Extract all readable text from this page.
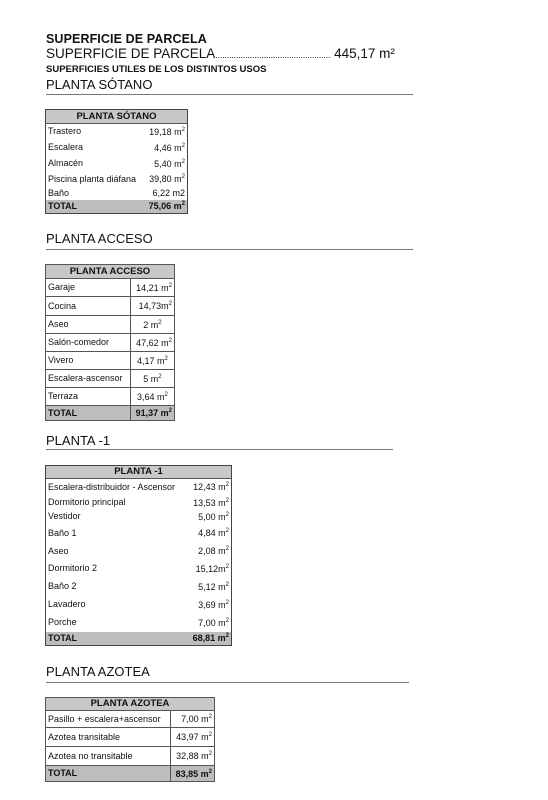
SUPERFICIE DE PARCELA
SUPERFICIE DE PARCELA.................................................. 445,17 m²
SUPERFICIES UTILES DE LOS DISTINTOS USOS
PLANTA SÓTANO
PLANTA SÓTANO	
Trastero	19,18 $m^2$
Escalera	4,46 $m^2$
Almacén	5,40 $m^2$
Piscina planta diáfana	39,80 $m^2$
Baño	6,22 m2
TOTAL	75,06 $m^2$
PLANTA ACCESO
PLANTA ACCESO	
Garaje	14,21 $m^2$
Cocina	$14,73m^2$
Aseo	2 $m^2$
Salón-comedor	47,62 $m^2$
Vivero	4,17 $m^2$
Escalera-ascensor	5 $m^2$
Terraza	3,64 $m^2$
TOTAL	91,37 $m^2$
PLANTA -1
PLANTA -1	
Escalera-distribuidor - Ascensor	12,43 $m^2$
Dormitorio principal	13,53 $m^2$
Vestidor	5,00 $m^2$
Baño 1	4,84 $m^2$
Aseo	2,08 $m^2$
Dormitorio 2	$15,12m^2$
Baño 2	5,12 $m^2$
Lavadero	3,69 $m^2$
Porche	7,00 $m^2$
TOTAL	68,81 $m^2$
PLANTA AZOTEA
PLANTA AZOTEA	
Pasillo + escalera+ascensor	7,00 $m^2$
Azotea transitable	43,97 $m^2$
Azotea no transitable	32,88 $m^2$
TOTAL	83,85 $m^2$
